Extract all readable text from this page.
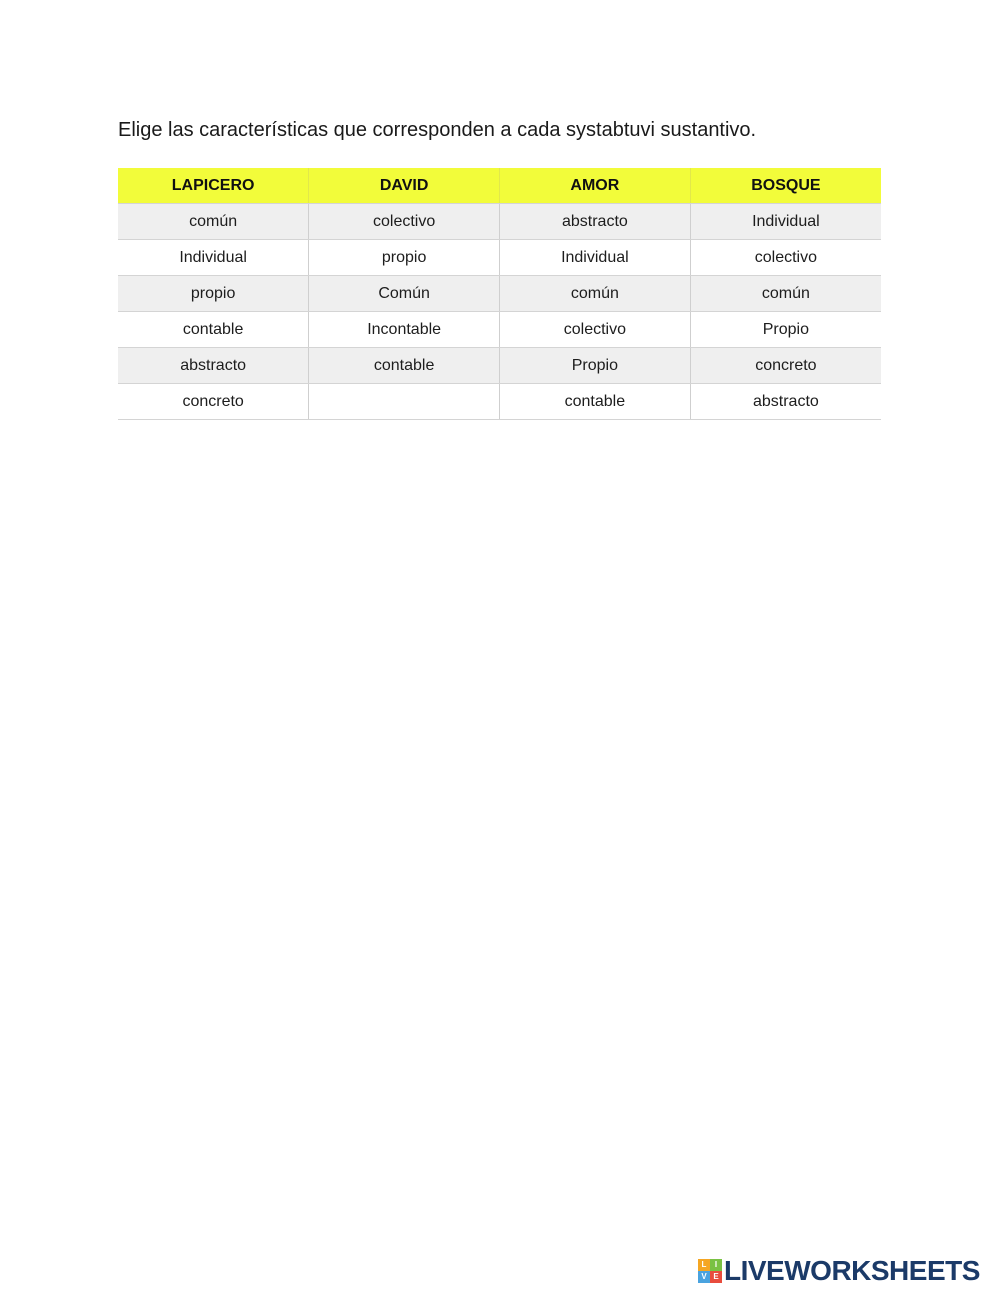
Elige las características que corresponden a cada systabtuvi sustantivo.
LAPICERO	DAVID	AMOR	BOSQUE
común	colectivo	abstracto	Individual
Individual	propio	Individual	colectivo
propio	Común	común	común
contable	Incontable	colectivo	Propio
abstracto	contable	Propio	concreto
concreto		contable	abstracto
L	I
V E LIVEWORKSHEETS
